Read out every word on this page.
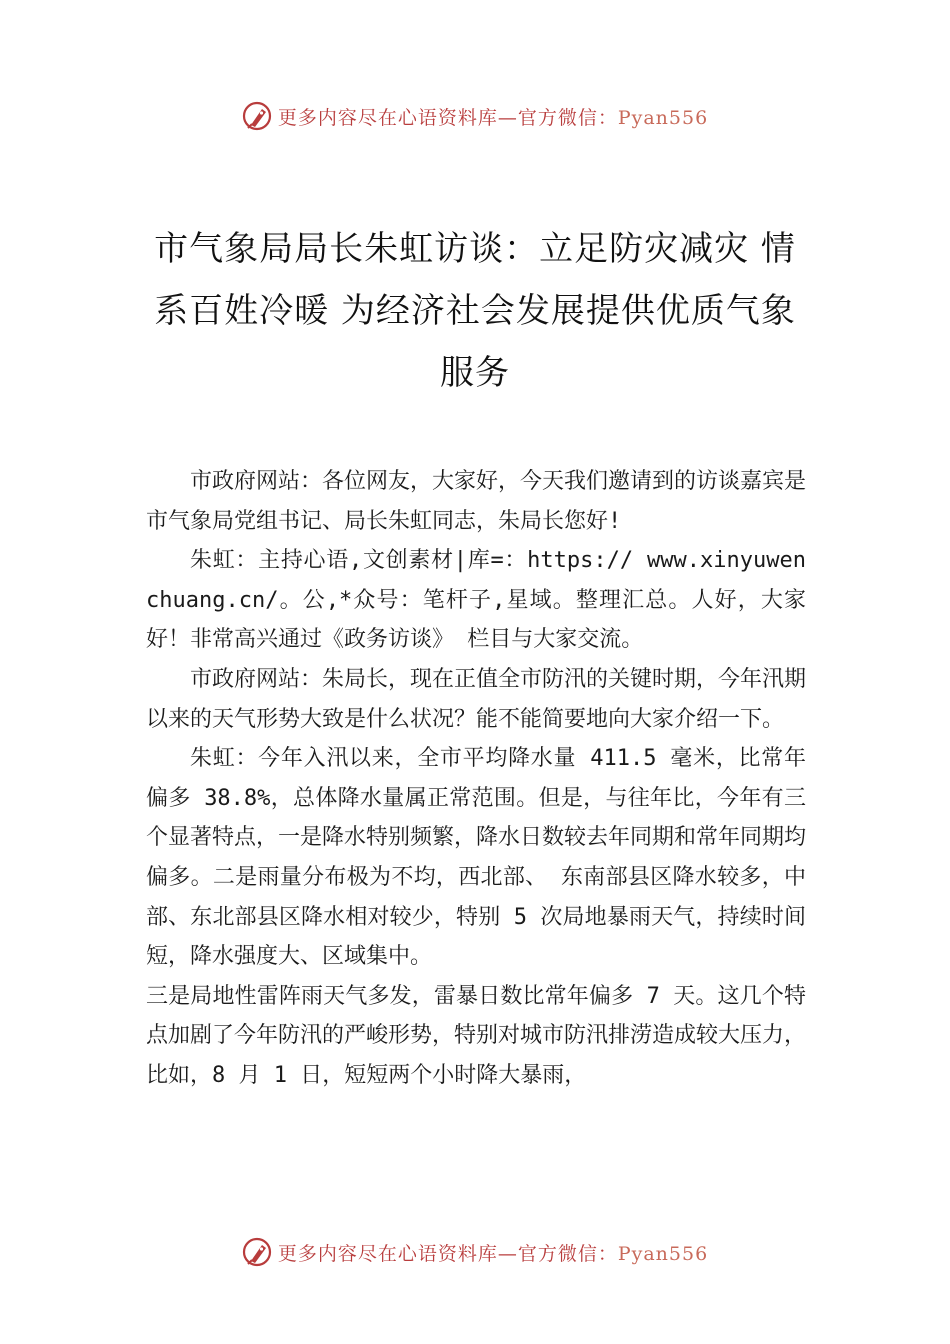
更多内容尽在心语资料库—官方微信：Pyan556
市气象局局长朱虹访谈：立足防灾减灾 情系百姓冷暖 为经济社会发展提供优质气象服务

市政府网站：各位网友，大家好，今天我们邀请到的访谈嘉宾是市气象局党组书记、局长朱虹同志，朱局长您好!

朱虹：主持心语,文创素材|库=：https:// www.xinyuwenchuang.cn/。公,*众号：笔杆子,星域。整理汇总。人好，大家好！非常高兴通过《政务访谈》 栏目与大家交流。

市政府网站：朱局长，现在正值全市防汛的关键时期，今年汛期以来的天气形势大致是什么状况？能不能简要地向大家介绍一下。

朱虹：今年入汛以来，全市平均降水量 411.5 毫米，比常年偏多 38.8%，总体降水量属正常范围。但是，与往年比，今年有三个显著特点，一是降水特别频繁，降水日数较去年同期和常年同期均偏多。二是雨量分布极为不均，西北部、 东南部县区降水较多，中部、东北部县区降水相对较少，特别 5 次局地暴雨天气，持续时间短，降水强度大、区域集中。

三是局地性雷阵雨天气多发，雷暴日数比常年偏多 7 天。这几个特点加剧了今年防汛的严峻形势，特别对城市防汛排涝造成较大压力，比如，8 月 1 日，短短两个小时降大暴雨，

更多内容尽在心语资料库—官方微信：Pyan556
